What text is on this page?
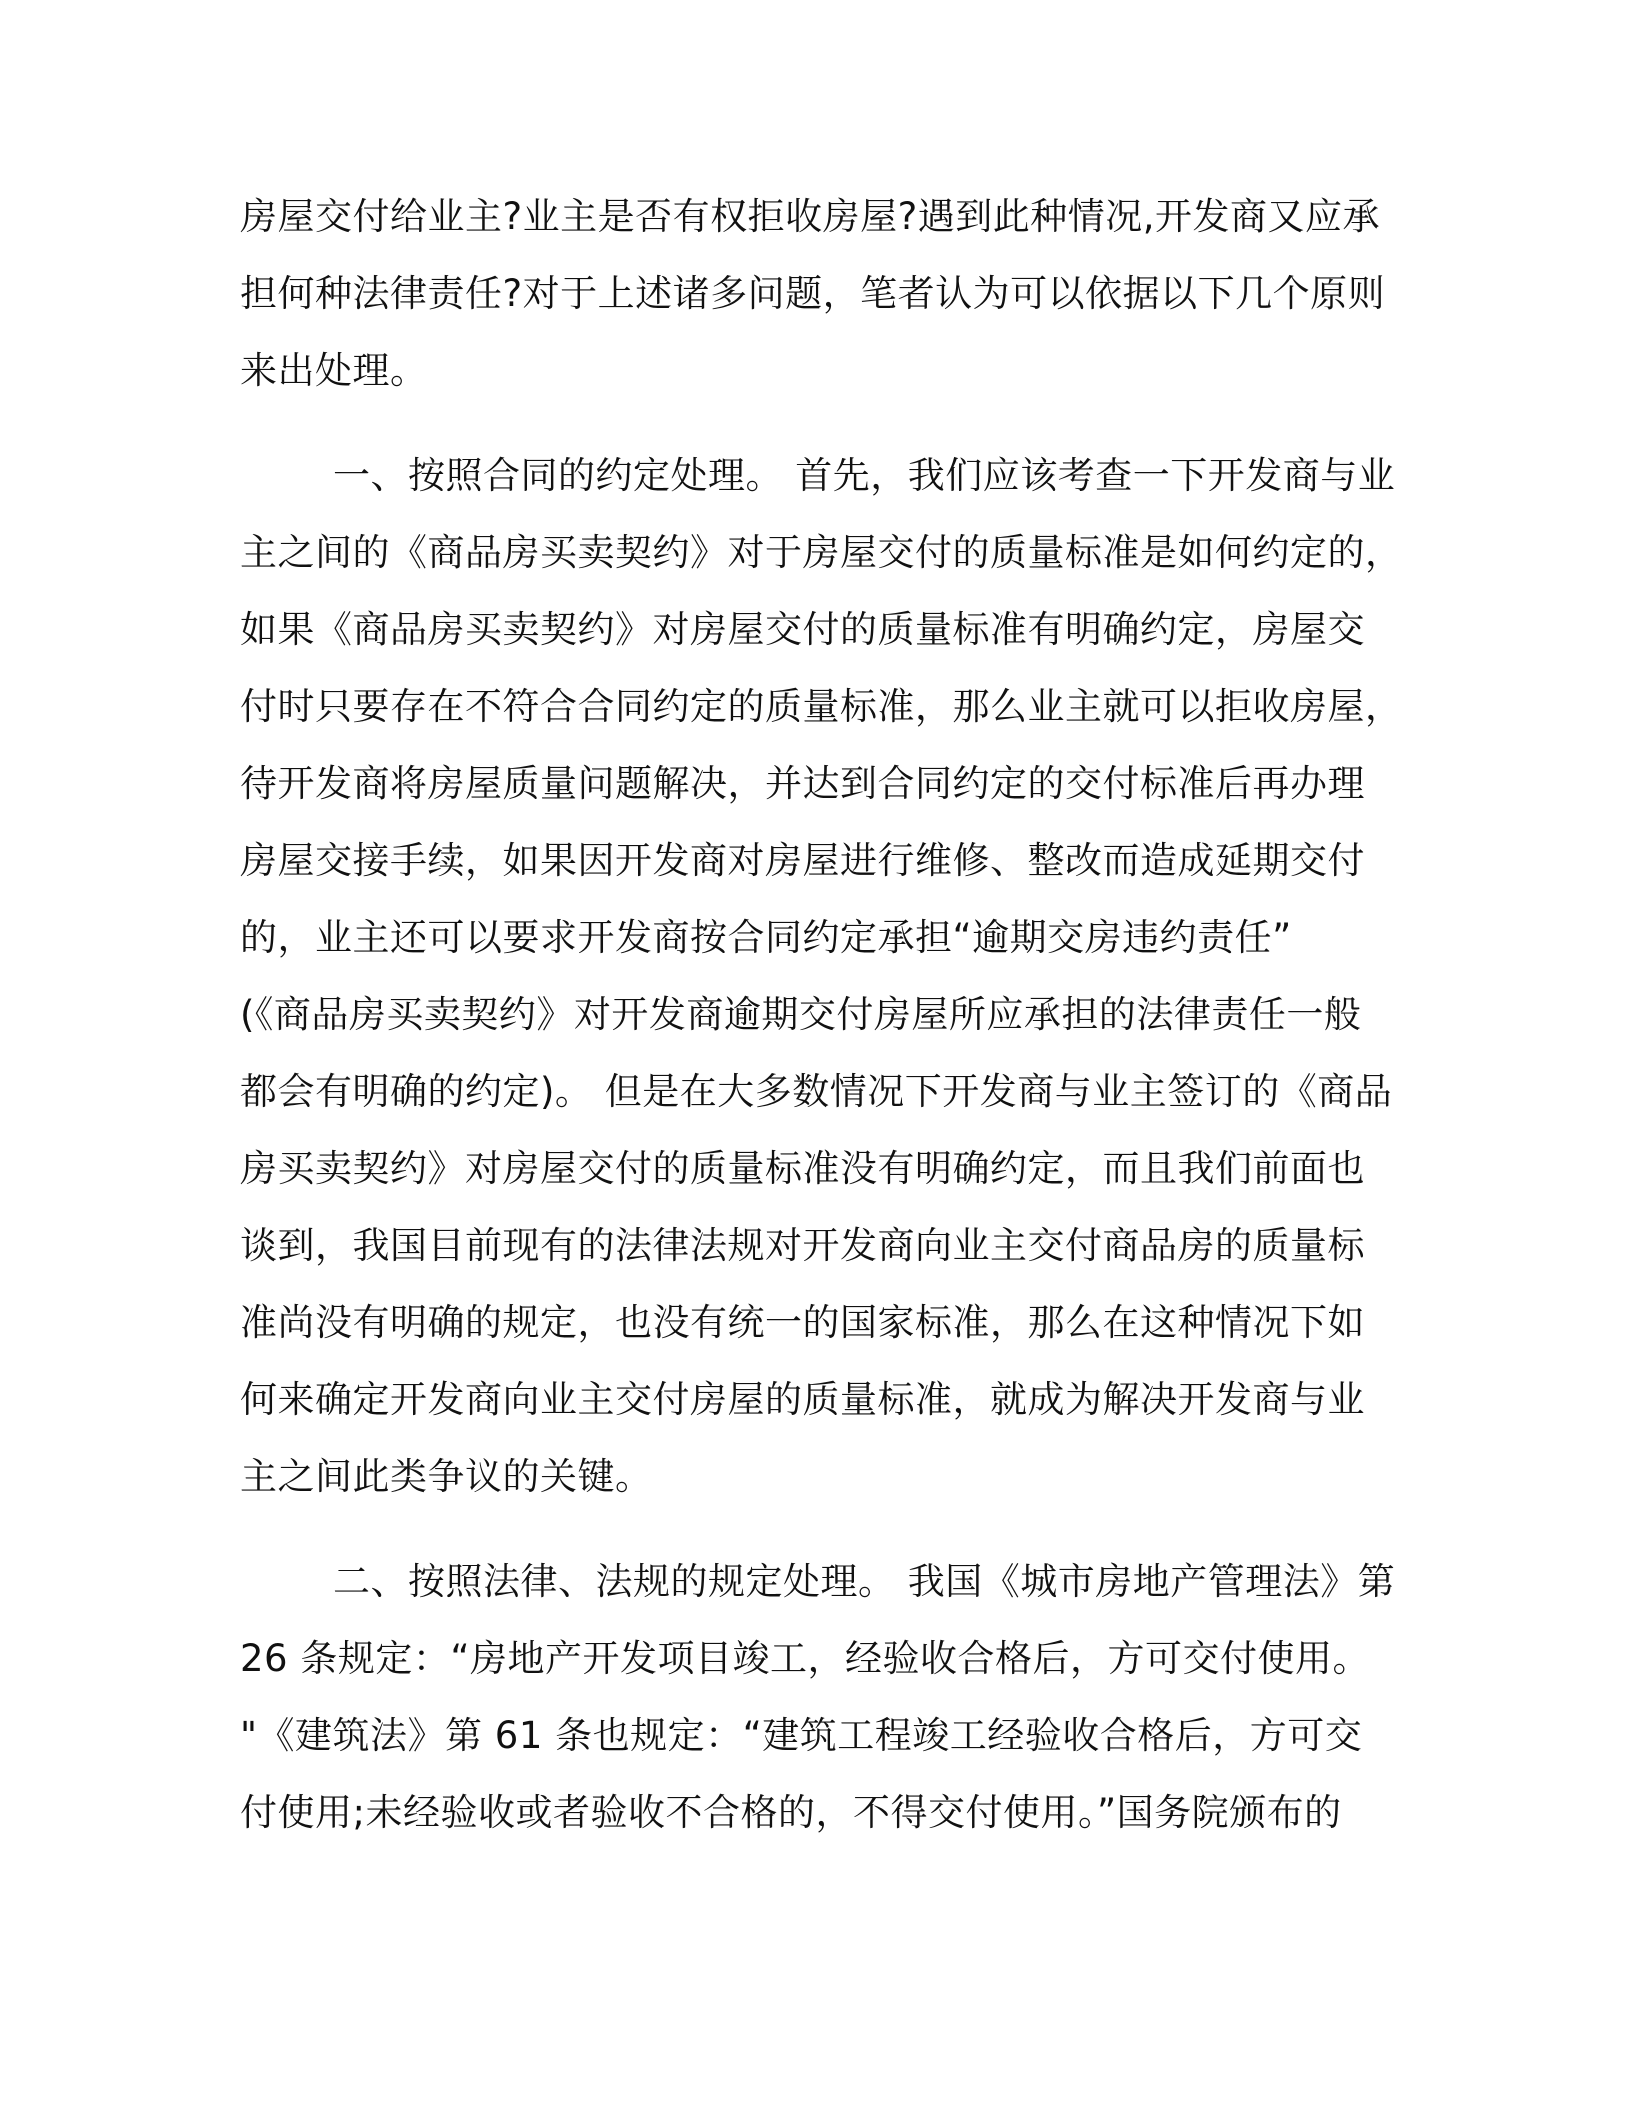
房屋交付给业主?业主是否有权拒收房屋?遇到此种情况,开发商又应承
担何种法律责任?对于上述诸多问题，笔者认为可以依据以下几个原则
来出处理。
一、按照合同的约定处理。 首先，我们应该考查一下开发商与业
主之间的《商品房买卖契约》对于房屋交付的质量标准是如何约定的，
如果《商品房买卖契约》对房屋交付的质量标准有明确约定，房屋交
付时只要存在不符合合同约定的质量标准，那么业主就可以拒收房屋，
待开发商将房屋质量问题解决，并达到合同约定的交付标准后再办理
房屋交接手续，如果因开发商对房屋进行维修、整改而造成延期交付
的，业主还可以要求开发商按合同约定承担“逾期交房违约责任”
(《商品房买卖契约》对开发商逾期交付房屋所应承担的法律责任一般
都会有明确的约定)。 但是在大多数情况下开发商与业主签订的《商品
房买卖契约》对房屋交付的质量标准没有明确约定，而且我们前面也
谈到，我国目前现有的法律法规对开发商向业主交付商品房的质量标
准尚没有明确的规定，也没有统一的国家标准，那么在这种情况下如
何来确定开发商向业主交付房屋的质量标准，就成为解决开发商与业
主之间此类争议的关键。
二、按照法律、法规的规定处理。 我国《城市房地产管理法》第
26 条规定：“房地产开发项目竣工，经验收合格后，方可交付使用。
"《建筑法》第 61 条也规定：“建筑工程竣工经验收合格后，方可交
付使用;未经验收或者验收不合格的，不得交付使用。”国务院颁布的
